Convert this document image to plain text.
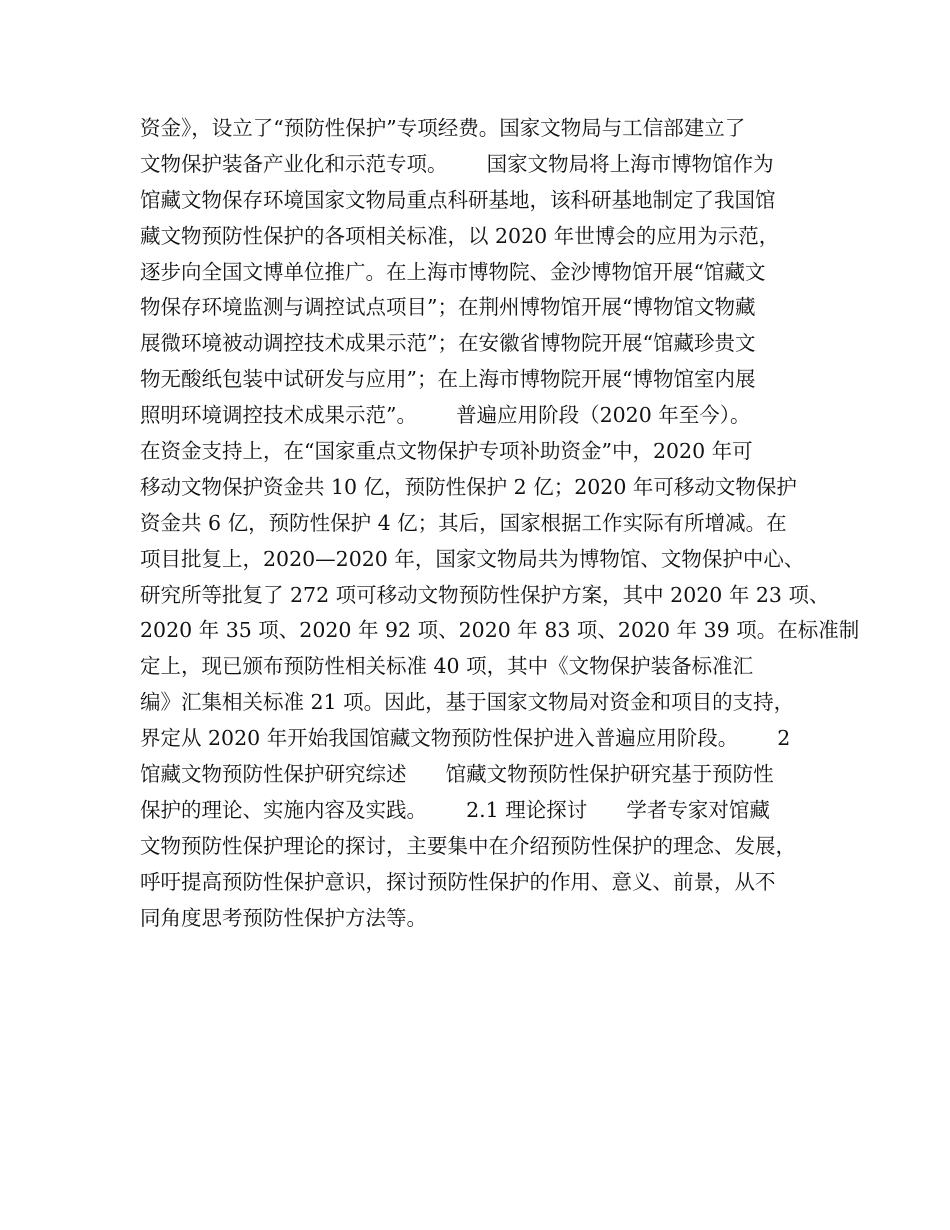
资金》，设立了“预防性保护”专项经费。国家文物局与工信部建立了
文物保护装备产业化和示范专项。      国家文物局将上海市博物馆作为
馆藏文物保存环境国家文物局重点科研基地，该科研基地制定了我国馆
藏文物预防性保护的各项相关标准，以 2020 年世博会的应用为示范，
逐步向全国文博单位推广。在上海市博物院、金沙博物馆开展“馆藏文
物保存环境监测与调控试点项目”；在荆州博物馆开展“博物馆文物藏
展微环境被动调控技术成果示范”；在安徽省博物院开展“馆藏珍贵文
物无酸纸包装中试研发与应用”；在上海市博物院开展“博物馆室内展
照明环境调控技术成果示范”。      普遍应用阶段（2020 年至今）。
在资金支持上，在“国家重点文物保护专项补助资金”中，2020 年可
移动文物保护资金共 10 亿，预防性保护 2 亿；2020 年可移动文物保护
资金共 6 亿，预防性保护 4 亿；其后，国家根据工作实际有所增减。在
项目批复上，2020—2020 年，国家文物局共为博物馆、文物保护中心、
研究所等批复了 272 项可移动文物预防性保护方案，其中 2020 年 23 项、
2020 年 35 项、2020 年 92 项、2020 年 83 项、2020 年 39 项。在标准制
定上，现已颁布预防性相关标准 40 项，其中《文物保护装备标准汇
编》汇集相关标准 21 项。因此，基于国家文物局对资金和项目的支持，
界定从 2020 年开始我国馆藏文物预防性保护进入普遍应用阶段。      2
馆藏文物预防性保护研究综述      馆藏文物预防性保护研究基于预防性
保护的理论、实施内容及实践。      2.1 理论探讨      学者专家对馆藏
文物预防性保护理论的探讨，主要集中在介绍预防性保护的理念、发展，
呼吁提高预防性保护意识，探讨预防性保护的作用、意义、前景，从不
同角度思考预防性保护方法等。
